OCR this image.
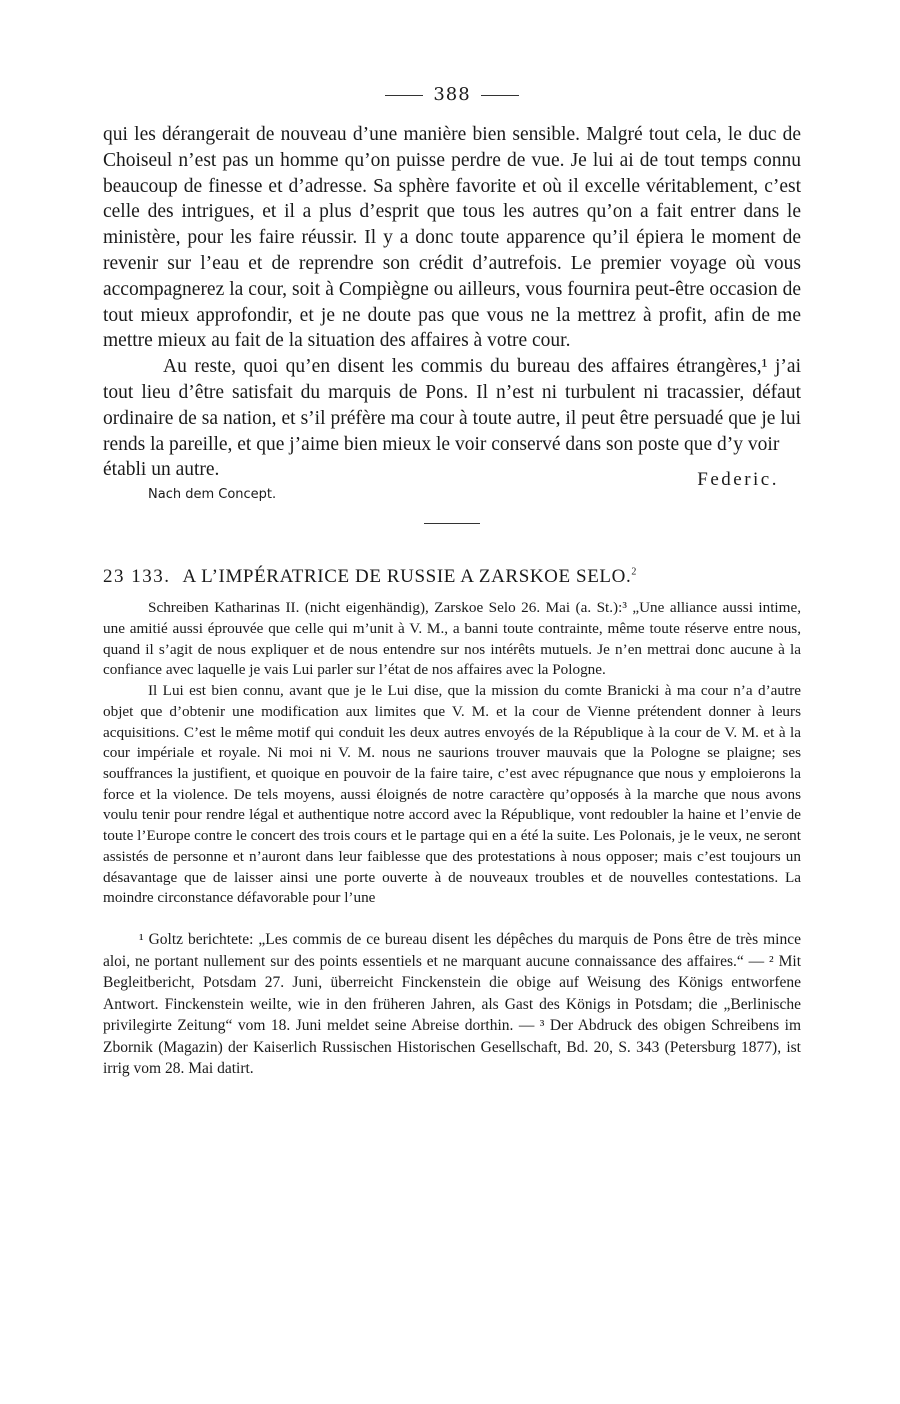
388

qui les dérangerait de nouveau d’une manière bien sensible. Malgré tout cela, le duc de Choiseul n’est pas un homme qu’on puisse perdre de vue. Je lui ai de tout temps connu beaucoup de finesse et d’adresse. Sa sphère favorite et où il excelle véritablement, c’est celle des intrigues, et il a plus d’esprit que tous les autres qu’on a fait entrer dans le ministère, pour les faire réussir. Il y a donc toute apparence qu’il épiera le moment de revenir sur l’eau et de reprendre son crédit d’autrefois. Le premier voyage où vous accompagnerez la cour, soit à Compiègne ou ailleurs, vous fournira peut-être occasion de tout mieux approfondir, et je ne doute pas que vous ne la mettrez à profit, afin de me mettre mieux au fait de la situation des affaires à votre cour.

Au reste, quoi qu’en disent les commis du bureau des affaires étrangères,¹ j’ai tout lieu d’être satisfait du marquis de Pons. Il n’est ni turbulent ni tracassier, défaut ordinaire de sa nation, et s’il préfère ma cour à toute autre, il peut être persuadé que je lui rends la pareille, et que j’aime bien mieux le voir conservé dans son poste que d’y voir

établi un autre.	Federic.
Nach dem Concept.
23 133. A L’IMPÉRATRICE DE RUSSIE A ZARSKOE SELO.$^2$

Schreiben Katharinas II. (nicht eigenhändig), Zarskoe Selo 26. Mai (a. St.):³ „Une alliance aussi intime, une amitié aussi éprouvée que celle qui m’unit à V. M., a banni toute contrainte, même toute réserve entre nous, quand il s’agit de nous expliquer et de nous entendre sur nos intérêts mutuels. Je n’en mettrai donc aucune à la confiance avec laquelle je vais Lui parler sur l’état de nos affaires avec la Pologne.

Il Lui est bien connu, avant que je le Lui dise, que la mission du comte Branicki à ma cour n’a d’autre objet que d’obtenir une modification aux limites que V. M. et la cour de Vienne prétendent donner à leurs acquisitions. C’est le même motif qui conduit les deux autres envoyés de la République à la cour de V. M. et à la cour impériale et royale. Ni moi ni V. M. nous ne saurions trouver mauvais que la Pologne se plaigne; ses souffrances la justifient, et quoique en pouvoir de la faire taire, c’est avec répugnance que nous y emploierons la force et la violence. De tels moyens, aussi éloignés de notre caractère qu’opposés à la marche que nous avons voulu tenir pour rendre légal et authentique notre accord avec la République, vont redoubler la haine et l’envie de toute l’Europe contre le concert des trois cours et le partage qui en a été la suite. Les Polonais, je le veux, ne seront assistés de personne et n’auront dans leur faiblesse que des protestations à nous opposer; mais c’est toujours un désavantage que de laisser ainsi une porte ouverte à de nouveaux troubles et de nouvelles contestations. La moindre circonstance défavorable pour l’une

¹ Goltz berichtete: „Les commis de ce bureau disent les dépêches du marquis de Pons être de très mince aloi, ne portant nullement sur des points essentiels et ne marquant aucune connaissance des affaires.“ — ² Mit Begleitbericht, Potsdam 27. Juni, überreicht Finckenstein die obige auf Weisung des Königs entworfene Antwort. Finckenstein weilte, wie in den früheren Jahren, als Gast des Königs in Potsdam; die „Berlinische privilegirte Zeitung“ vom 18. Juni meldet seine Abreise dorthin. — ³ Der Abdruck des obigen Schreibens im Zbornik (Magazin) der Kaiserlich Russischen Historischen Gesellschaft, Bd. 20, S. 343 (Petersburg 1877), ist irrig vom 28. Mai datirt.
